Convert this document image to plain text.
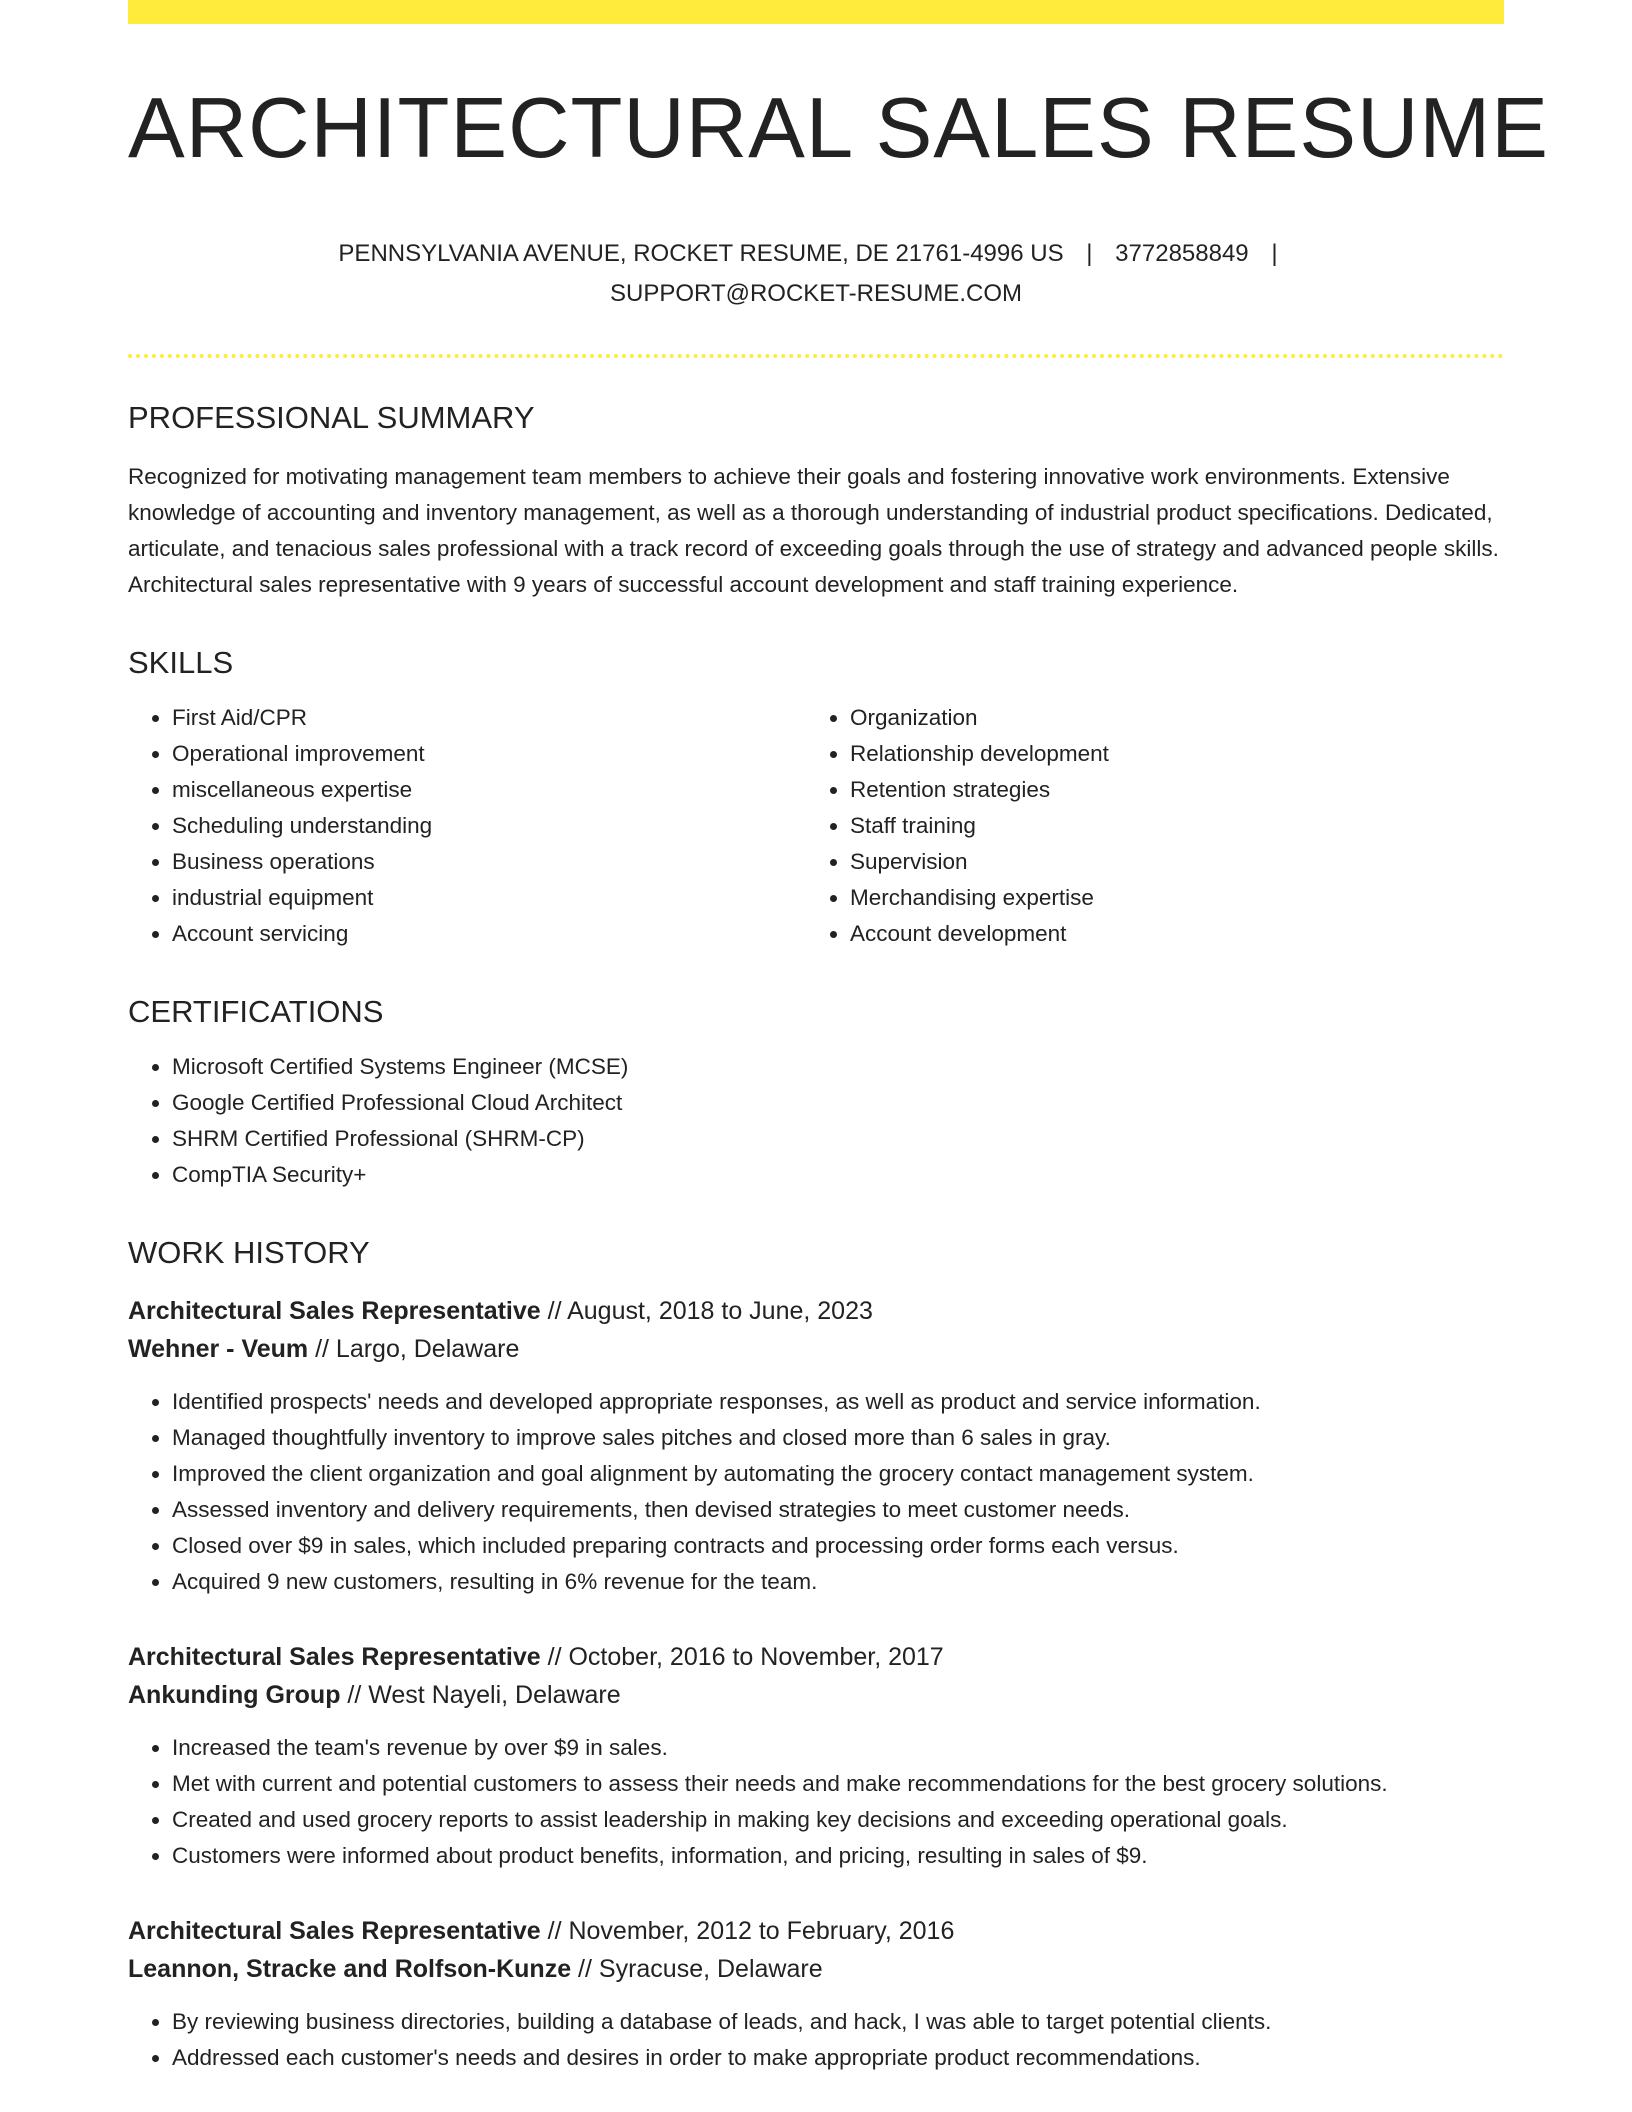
ARCHITECTURAL SALES RESUME
PENNSYLVANIA AVENUE, ROCKET RESUME, DE 21761-4996 US | 3772858849 |
SUPPORT@ROCKET-RESUME.COM
PROFESSIONAL SUMMARY
Recognized for motivating management team members to achieve their goals and fostering innovative work environments. Extensive knowledge of accounting and inventory management, as well as a thorough understanding of industrial product specifications. Dedicated, articulate, and tenacious sales professional with a track record of exceeding goals through the use of strategy and advanced people skills. Architectural sales representative with 9 years of successful account development and staff training experience.
SKILLS
• First Aid/CPR
• Operational improvement
• miscellaneous expertise
• Scheduling understanding
• Business operations
• industrial equipment
• Account servicing
• Organization
• Relationship development
• Retention strategies
• Staff training
• Supervision
• Merchandising expertise
• Account development
CERTIFICATIONS
• Microsoft Certified Systems Engineer (MCSE)
• Google Certified Professional Cloud Architect
• SHRM Certified Professional (SHRM-CP)
• CompTIA Security+
WORK HISTORY
Architectural Sales Representative // August, 2018 to June, 2023
Wehner - Veum // Largo, Delaware
• Identified prospects' needs and developed appropriate responses, as well as product and service information.
• Managed thoughtfully inventory to improve sales pitches and closed more than 6 sales in gray.
• Improved the client organization and goal alignment by automating the grocery contact management system.
• Assessed inventory and delivery requirements, then devised strategies to meet customer needs.
• Closed over $9 in sales, which included preparing contracts and processing order forms each versus.
• Acquired 9 new customers, resulting in 6% revenue for the team.
Architectural Sales Representative // October, 2016 to November, 2017
Ankunding Group // West Nayeli, Delaware
• Increased the team's revenue by over $9 in sales.
• Met with current and potential customers to assess their needs and make recommendations for the best grocery solutions.
• Created and used grocery reports to assist leadership in making key decisions and exceeding operational goals.
• Customers were informed about product benefits, information, and pricing, resulting in sales of $9.
Architectural Sales Representative // November, 2012 to February, 2016
Leannon, Stracke and Rolfson-Kunze // Syracuse, Delaware
• By reviewing business directories, building a database of leads, and hack, I was able to target potential clients.
• Addressed each customer's needs and desires in order to make appropriate product recommendations.
